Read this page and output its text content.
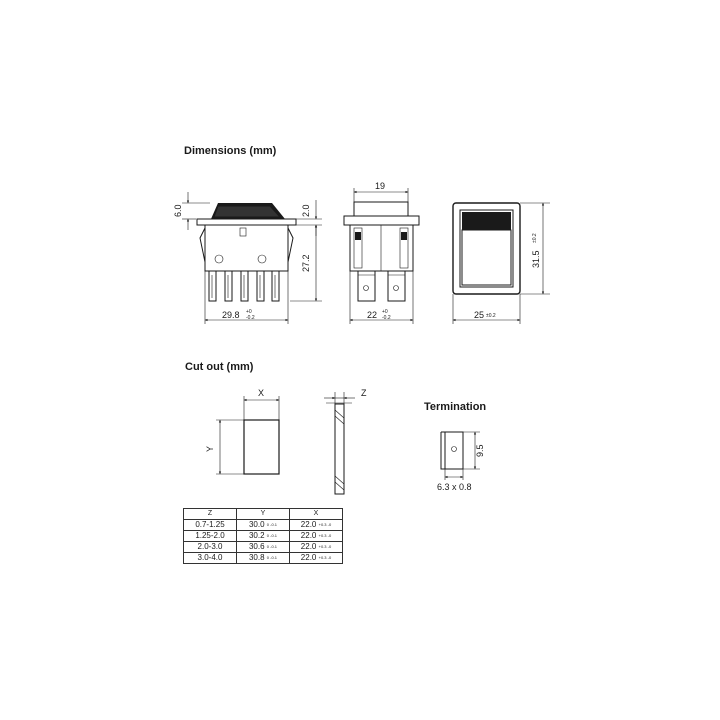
Dimensions (mm)
Cut out (mm)
Termination
6.0	2.0
27.2
29.8 +0
-0.2
19
22 +0
-0.2
31.5
±0.2
25 ±0.2
X
Y
Z
9.5
6.3 x 0.8
Z	Y	X
0.7-1.25	30.0 0 -0.1	22.0 +0.3 -0
1.25-2.0	30.2 0 -0.1	22.0 +0.3 -0
2.0-3.0	30.6 0 -0.1	22.0 +0.3 -0
3.0-4.0	30.8 0 -0.1	22.0 +0.3 -0
